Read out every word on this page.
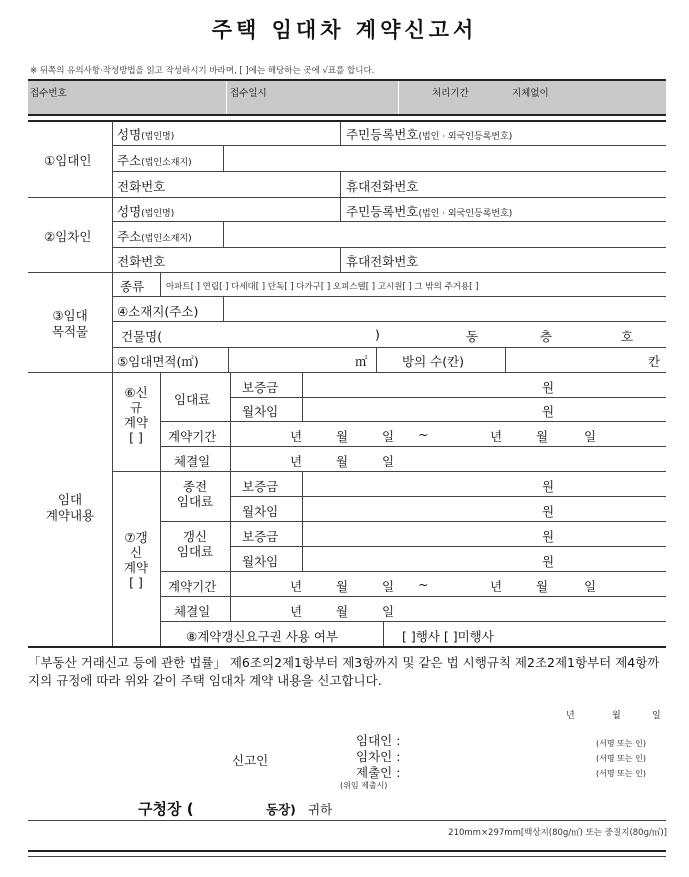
주택 임대차 계약신고서
※ 뒤쪽의 유의사항·작성방법을 읽고 작성하시기 바라며, [ ]에는 해당하는 곳에 √표를 합니다.
접수번호	접수일시	처리기간	지체없이
①임대인
성명(법인명)	주민등록번호(법인 · 외국인등록번호)
주소(법인소재지)
전화번호	휴대전화번호
②임차인
성명(법인명)	주민등록번호(법인 · 외국인등록번호)
주소(법인소재지)
전화번호	휴대전화번호
③임대
목적물
종류	아파트[ ] 연립[ ] 다세대[ ] 단독[ ] 다가구[ ] 오피스텔[ ] 고시원[ ] 그 밖의 주거용[ ]
④소재지(주소)
건물명(	)	동	층	호
⑤임대면적(㎡)	㎡	방의 수(칸)	칸
임대
계약내용
⑥신
규
계약
[ ]
임대료
보증금	원
월차임	원
계약기간	년	월	일 ~	년	월	일
체결일	년	월	일
⑦갱
신
계약
[ ]
종전
임대료
보증금	원
월차임	원
갱신
임대료
보증금	원
월차임	원
계약기간	년	월	일 ~	년	월	일
체결일	년	월	일
⑧계약갱신요구권 사용 여부	[ ]행사 [ ]미행사
「부동산 거래신고 등에 관한 법률」 제6조의2제1항부터 제3항까지 및 같은 법 시행규칙 제2조2제1항부터 제4항까지의 규정에 따라 위와 같이 주택 임대차 계약 내용을 신고합니다.
년	월	일
신고인
임대인 :
임차인 :
제출인 :
(위임 제출시)
(서명 또는 인)
(서명 또는 인)
(서명 또는 인)
구청장 (	동장) 귀하
210mm×297mm[백상지(80g/㎡) 또는 중질지(80g/㎡)]
